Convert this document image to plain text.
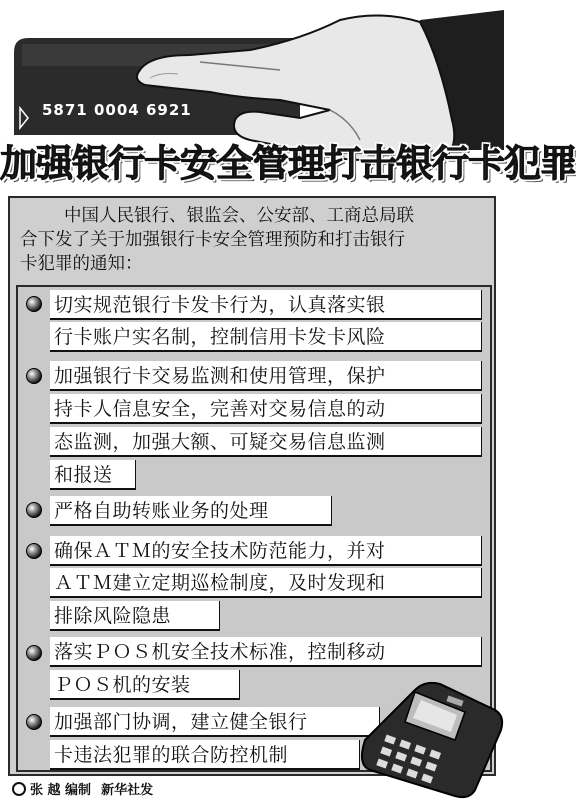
5871 0004 6921
加强银行卡安全管理打击银行卡犯罪
中国人民银行、银监会、公安部、工商总局联
合下发了关于加强银行卡安全管理预防和打击银行
卡犯罪的通知：
切实规范银行卡发卡行为，认真落实银
行卡账户实名制，控制信用卡发卡风险
加强银行卡交易监测和使用管理，保护
持卡人信息安全，完善对交易信息的动
态监测，加强大额、可疑交易信息监测
和报送
严格自助转账业务的处理
确保ＡＴＭ的安全技术防范能力，并对
ＡＴＭ建立定期巡检制度，及时发现和
排除风险隐患
落实ＰＯＳ机安全技术标准，控制移动
ＰＯＳ机的安装
加强部门协调，建立健全银行
卡违法犯罪的联合防控机制
张 越 编制 新华社发
